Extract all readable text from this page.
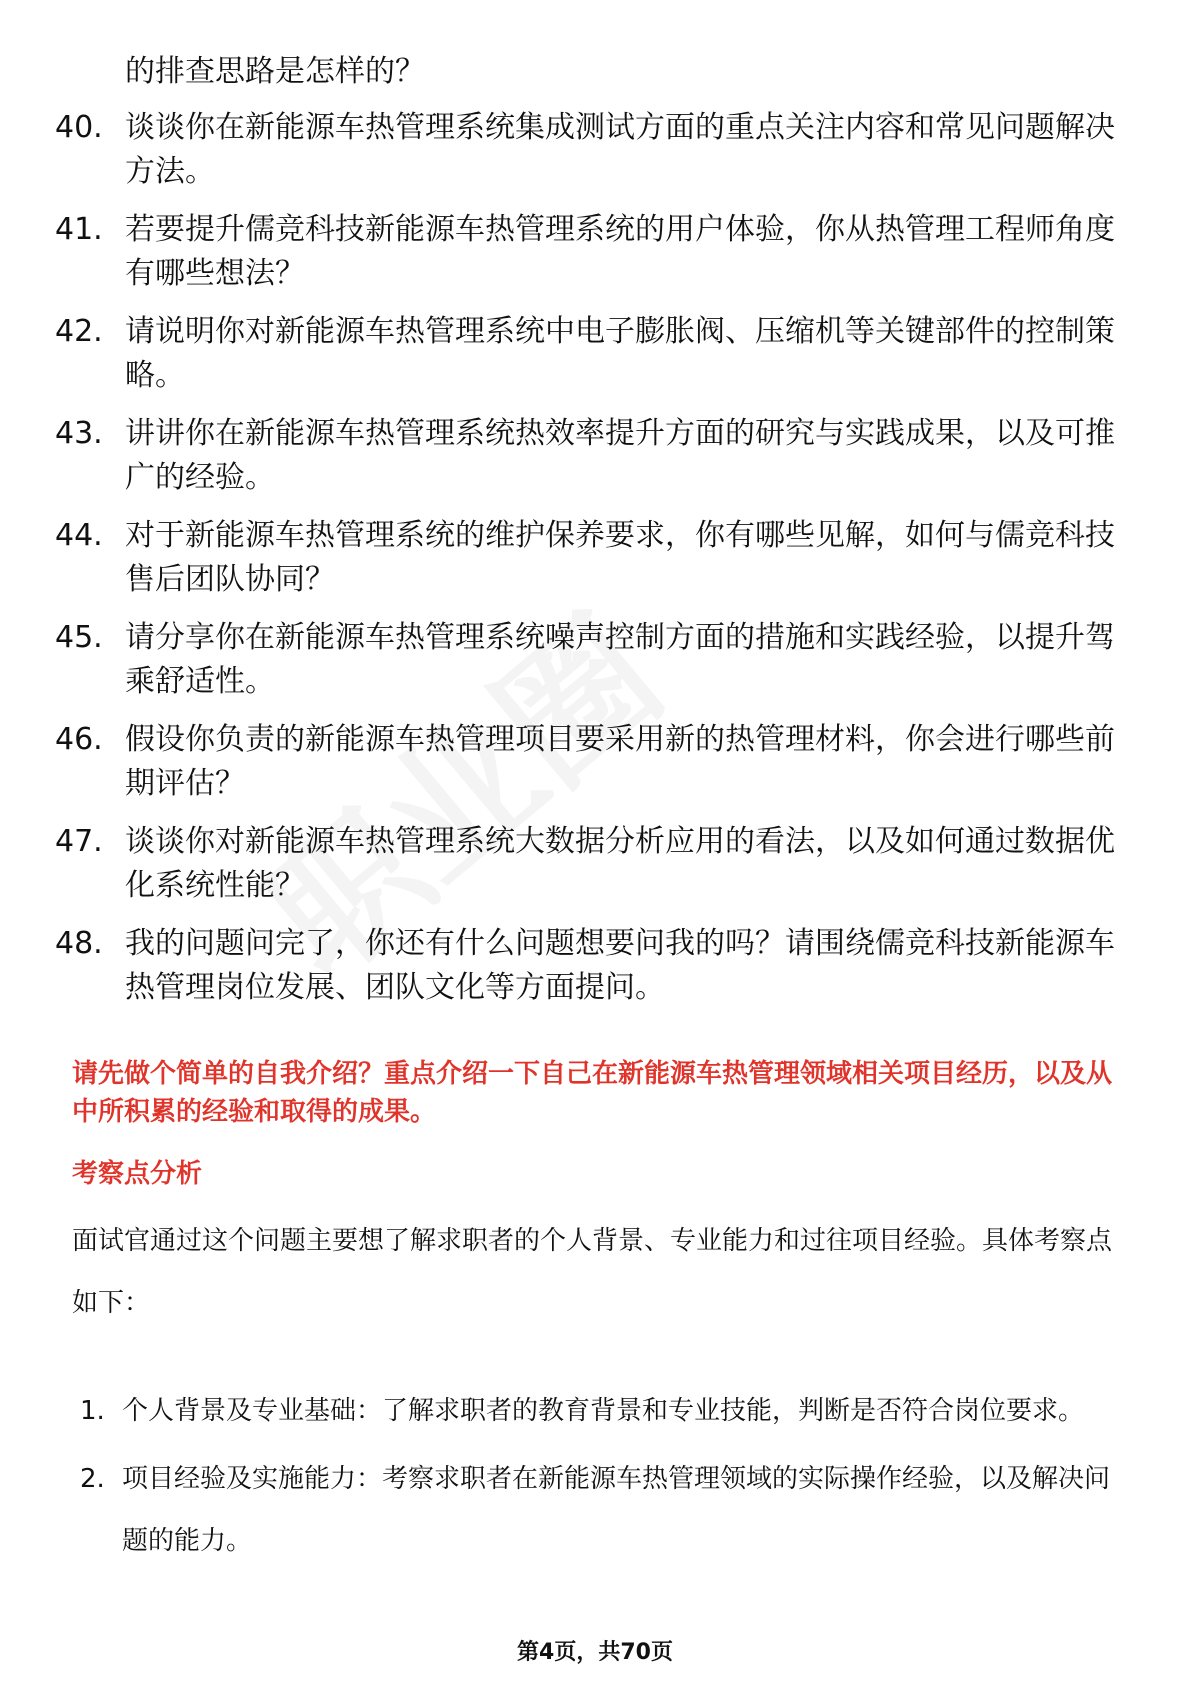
的排查思路是怎样的？
40. 谈谈你在新能源车热管理系统集成测试方面的重点关注内容和常见问题解决方法。
41. 若要提升儒竞科技新能源车热管理系统的用户体验，你从热管理工程师角度有哪些想法？
42. 请说明你对新能源车热管理系统中电子膨胀阀、压缩机等关键部件的控制策略。
43. 讲讲你在新能源车热管理系统热效率提升方面的研究与实践成果，以及可推广的经验。
44. 对于新能源车热管理系统的维护保养要求，你有哪些见解，如何与儒竞科技售后团队协同？
45. 请分享你在新能源车热管理系统噪声控制方面的措施和实践经验，以提升驾乘舒适性。
46. 假设你负责的新能源车热管理项目要采用新的热管理材料，你会进行哪些前期评估？
47. 谈谈你对新能源车热管理系统大数据分析应用的看法，以及如何通过数据优化系统性能？
48. 我的问题问完了，你还有什么问题想要问我的吗？请围绕儒竞科技新能源车热管理岗位发展、团队文化等方面提问。
请先做个简单的自我介绍？重点介绍一下自己在新能源车热管理领域相关项目经历，以及从中所积累的经验和取得的成果。
考察点分析
面试官通过这个问题主要想了解求职者的个人背景、专业能力和过往项目经验。具体考察点如下：
1. 个人背景及专业基础：了解求职者的教育背景和专业技能，判断是否符合岗位要求。
2. 项目经验及实施能力：考察求职者在新能源车热管理领域的实际操作经验，以及解决问题的能力。
第4页，共70页
